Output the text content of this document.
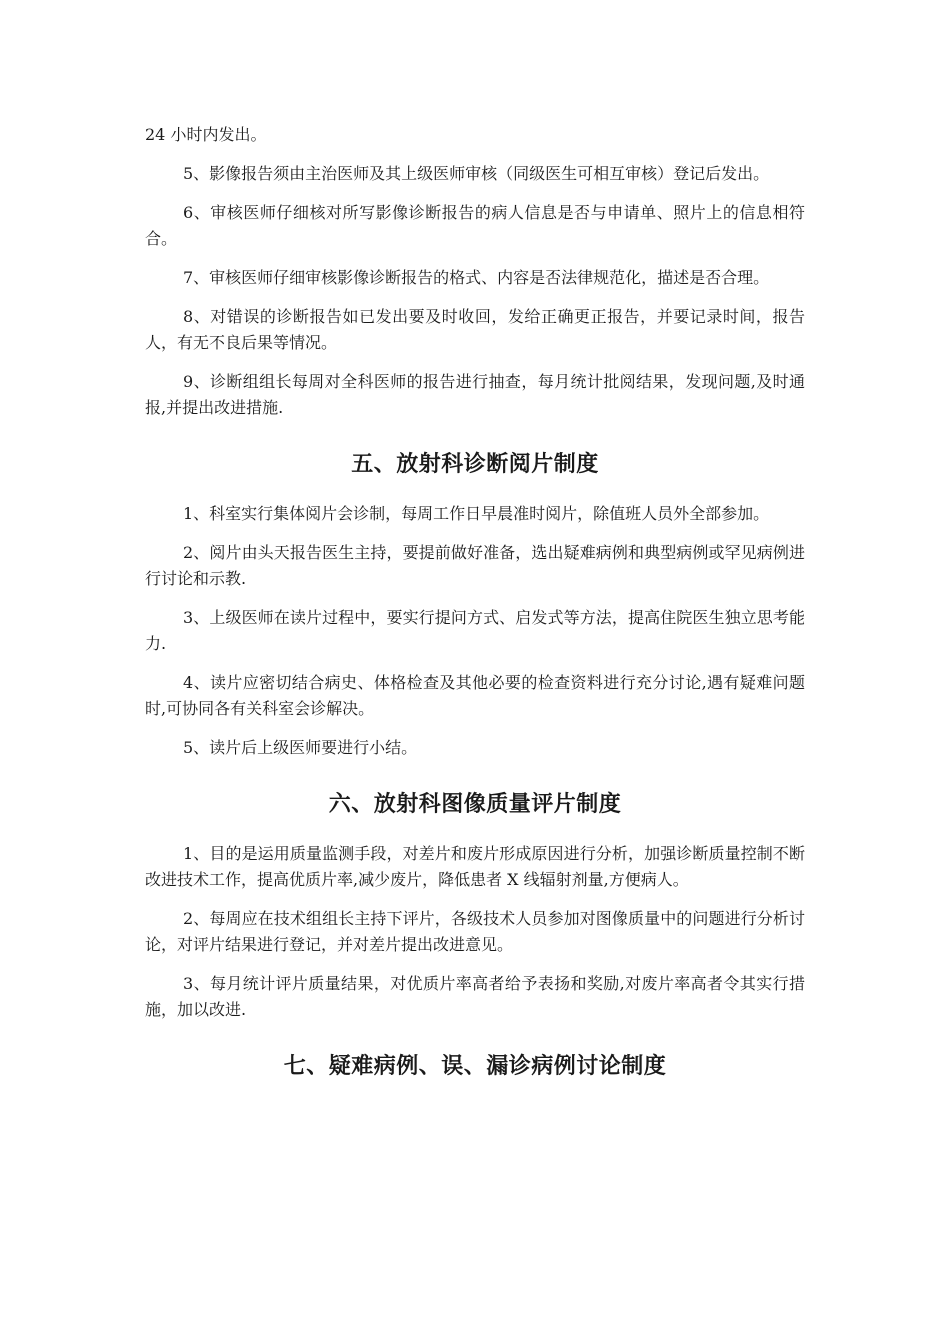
24 小时内发出。

5、影像报告须由主治医师及其上级医师审核（同级医生可相互审核）登记后发出。

6、审核医师仔细核对所写影像诊断报告的病人信息是否与申请单、照片上的信息相符合。

7、审核医师仔细审核影像诊断报告的格式、内容是否法律规范化，描述是否合理。

8、对错误的诊断报告如已发出要及时收回，发给正确更正报告，并要记录时间，报告人，有无不良后果等情况。

9、诊断组组长每周对全科医师的报告进行抽查，每月统计批阅结果，发现问题,及时通报,并提出改进措施.

五、放射科诊断阅片制度

1、科室实行集体阅片会诊制，每周工作日早晨准时阅片，除值班人员外全部参加。

2、阅片由头天报告医生主持，要提前做好准备，选出疑难病例和典型病例或罕见病例进行讨论和示教.

3、上级医师在读片过程中，要实行提问方式、启发式等方法，提高住院医生独立思考能力.

4、读片应密切结合病史、体格检查及其他必要的检查资料进行充分讨论,遇有疑难问题时,可协同各有关科室会诊解决。

5、读片后上级医师要进行小结。

六、放射科图像质量评片制度

1、目的是运用质量监测手段，对差片和废片形成原因进行分析，加强诊断质量控制不断改进技术工作，提高优质片率,减少废片，降低患者 X 线辐射剂量,方便病人。

2、每周应在技术组组长主持下评片，各级技术人员参加对图像质量中的问题进行分析讨论，对评片结果进行登记，并对差片提出改进意见。

3、每月统计评片质量结果，对优质片率高者给予表扬和奖励,对废片率高者令其实行措施，加以改进.

七、疑难病例、误、漏诊病例讨论制度
